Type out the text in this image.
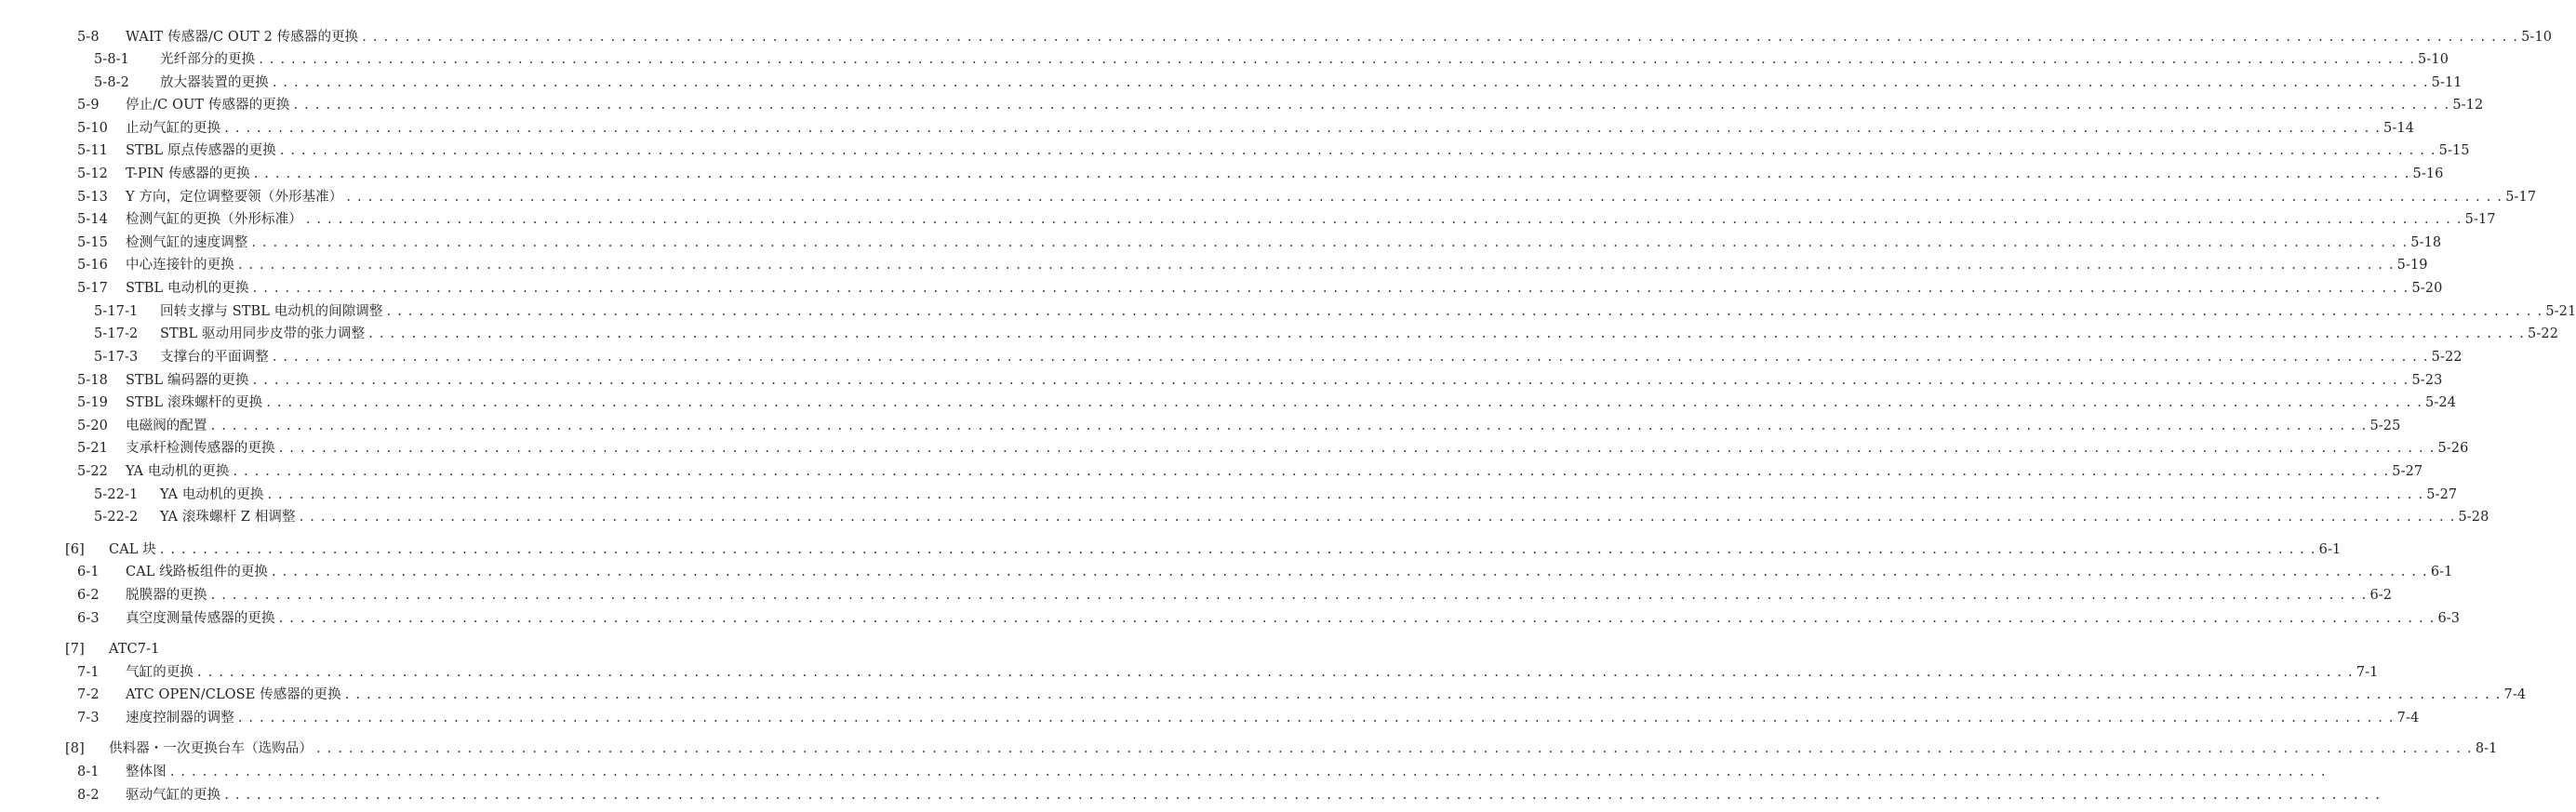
5-8	WAIT 传感器/C OUT 2 传感器的更换 . . . . . . . . . . . . . . . . . . . . . . . . . . . . . . . . . . . . . . . . . . . . . . . . . . . . . . . . . . . . . . . . . . . . . . . . . . . . . . . . . . . . . . . . . . . . . . . . . . . . . . . . . . . . . . . . . . . . . . . . . . . . . . . . . . . . . . . . . . . . . . . . . . . . . . . . . . . . . . . . . . . . . . . . . . . . . . . . . . . . . . . . . . . . . . . . . . . . . . . . 5-10
5-8-1	光纤部分的更换 . . . . . . . . . . . . . . . . . . . . . . . . . . . . . . . . . . . . . . . . . . . . . . . . . . . . . . . . . . . . . . . . . . . . . . . . . . . . . . . . . . . . . . . . . . . . . . . . . . . . . . . . . . . . . . . . . . . . . . . . . . . . . . . . . . . . . . . . . . . . . . . . . . . . . . . . . . . . . . . . . . . . . . . . . . . . . . . . . . . . . . . . . . . . . . . . . . . . . . . . 5-10
5-8-2	放大器装置的更换 . . . . . . . . . . . . . . . . . . . . . . . . . . . . . . . . . . . . . . . . . . . . . . . . . . . . . . . . . . . . . . . . . . . . . . . . . . . . . . . . . . . . . . . . . . . . . . . . . . . . . . . . . . . . . . . . . . . . . . . . . . . . . . . . . . . . . . . . . . . . . . . . . . . . . . . . . . . . . . . . . . . . . . . . . . . . . . . . . . . . . . . . . . . . . . . . . . . . . . . . 5-11
5-9	停止/C OUT 传感器的更换 . . . . . . . . . . . . . . . . . . . . . . . . . . . . . . . . . . . . . . . . . . . . . . . . . . . . . . . . . . . . . . . . . . . . . . . . . . . . . . . . . . . . . . . . . . . . . . . . . . . . . . . . . . . . . . . . . . . . . . . . . . . . . . . . . . . . . . . . . . . . . . . . . . . . . . . . . . . . . . . . . . . . . . . . . . . . . . . . . . . . . . . . . . . . . . . . . . . . . . . . 5-12
5-10	止动气缸的更换 . . . . . . . . . . . . . . . . . . . . . . . . . . . . . . . . . . . . . . . . . . . . . . . . . . . . . . . . . . . . . . . . . . . . . . . . . . . . . . . . . . . . . . . . . . . . . . . . . . . . . . . . . . . . . . . . . . . . . . . . . . . . . . . . . . . . . . . . . . . . . . . . . . . . . . . . . . . . . . . . . . . . . . . . . . . . . . . . . . . . . . . . . . . . . . . . . . . . . . . . 5-14
5-11	STBL 原点传感器的更换 . . . . . . . . . . . . . . . . . . . . . . . . . . . . . . . . . . . . . . . . . . . . . . . . . . . . . . . . . . . . . . . . . . . . . . . . . . . . . . . . . . . . . . . . . . . . . . . . . . . . . . . . . . . . . . . . . . . . . . . . . . . . . . . . . . . . . . . . . . . . . . . . . . . . . . . . . . . . . . . . . . . . . . . . . . . . . . . . . . . . . . . . . . . . . . . . . . . . . . . . 5-15
5-12	T-PIN 传感器的更换 . . . . . . . . . . . . . . . . . . . . . . . . . . . . . . . . . . . . . . . . . . . . . . . . . . . . . . . . . . . . . . . . . . . . . . . . . . . . . . . . . . . . . . . . . . . . . . . . . . . . . . . . . . . . . . . . . . . . . . . . . . . . . . . . . . . . . . . . . . . . . . . . . . . . . . . . . . . . . . . . . . . . . . . . . . . . . . . . . . . . . . . . . . . . . . . . . . . . . . . . 5-16
5-13	Y 方向，定位调整要领（外形基准） . . . . . . . . . . . . . . . . . . . . . . . . . . . . . . . . . . . . . . . . . . . . . . . . . . . . . . . . . . . . . . . . . . . . . . . . . . . . . . . . . . . . . . . . . . . . . . . . . . . . . . . . . . . . . . . . . . . . . . . . . . . . . . . . . . . . . . . . . . . . . . . . . . . . . . . . . . . . . . . . . . . . . . . . . . . . . . . . . . . . . . . . . . . . . . . . . . . . . . . . 5-17
5-14	检测气缸的更换（外形标准） . . . . . . . . . . . . . . . . . . . . . . . . . . . . . . . . . . . . . . . . . . . . . . . . . . . . . . . . . . . . . . . . . . . . . . . . . . . . . . . . . . . . . . . . . . . . . . . . . . . . . . . . . . . . . . . . . . . . . . . . . . . . . . . . . . . . . . . . . . . . . . . . . . . . . . . . . . . . . . . . . . . . . . . . . . . . . . . . . . . . . . . . . . . . . . . . . . . . . . . . 5-17
5-15	检测气缸的速度调整 . . . . . . . . . . . . . . . . . . . . . . . . . . . . . . . . . . . . . . . . . . . . . . . . . . . . . . . . . . . . . . . . . . . . . . . . . . . . . . . . . . . . . . . . . . . . . . . . . . . . . . . . . . . . . . . . . . . . . . . . . . . . . . . . . . . . . . . . . . . . . . . . . . . . . . . . . . . . . . . . . . . . . . . . . . . . . . . . . . . . . . . . . . . . . . . . . . . . . . . . 5-18
5-16	中心连接针的更换 . . . . . . . . . . . . . . . . . . . . . . . . . . . . . . . . . . . . . . . . . . . . . . . . . . . . . . . . . . . . . . . . . . . . . . . . . . . . . . . . . . . . . . . . . . . . . . . . . . . . . . . . . . . . . . . . . . . . . . . . . . . . . . . . . . . . . . . . . . . . . . . . . . . . . . . . . . . . . . . . . . . . . . . . . . . . . . . . . . . . . . . . . . . . . . . . . . . . . . . . 5-19
5-17	STBL 电动机的更换 . . . . . . . . . . . . . . . . . . . . . . . . . . . . . . . . . . . . . . . . . . . . . . . . . . . . . . . . . . . . . . . . . . . . . . . . . . . . . . . . . . . . . . . . . . . . . . . . . . . . . . . . . . . . . . . . . . . . . . . . . . . . . . . . . . . . . . . . . . . . . . . . . . . . . . . . . . . . . . . . . . . . . . . . . . . . . . . . . . . . . . . . . . . . . . . . . . . . . . . . 5-20
5-17-1	回转支撑与 STBL 电动机的间隙调整 . . . . . . . . . . . . . . . . . . . . . . . . . . . . . . . . . . . . . . . . . . . . . . . . . . . . . . . . . . . . . . . . . . . . . . . . . . . . . . . . . . . . . . . . . . . . . . . . . . . . . . . . . . . . . . . . . . . . . . . . . . . . . . . . . . . . . . . . . . . . . . . . . . . . . . . . . . . . . . . . . . . . . . . . . . . . . . . . . . . . . . . . . . . . . . . . . . . . . . . . 5-21
5-17-2	STBL 驱动用同步皮带的张力调整 . . . . . . . . . . . . . . . . . . . . . . . . . . . . . . . . . . . . . . . . . . . . . . . . . . . . . . . . . . . . . . . . . . . . . . . . . . . . . . . . . . . . . . . . . . . . . . . . . . . . . . . . . . . . . . . . . . . . . . . . . . . . . . . . . . . . . . . . . . . . . . . . . . . . . . . . . . . . . . . . . . . . . . . . . . . . . . . . . . . . . . . . . . . . . . . . . . . . . . . . 5-22
5-17-3	支撑台的平面调整 . . . . . . . . . . . . . . . . . . . . . . . . . . . . . . . . . . . . . . . . . . . . . . . . . . . . . . . . . . . . . . . . . . . . . . . . . . . . . . . . . . . . . . . . . . . . . . . . . . . . . . . . . . . . . . . . . . . . . . . . . . . . . . . . . . . . . . . . . . . . . . . . . . . . . . . . . . . . . . . . . . . . . . . . . . . . . . . . . . . . . . . . . . . . . . . . . . . . . . . . 5-22
5-18	STBL 编码器的更换 . . . . . . . . . . . . . . . . . . . . . . . . . . . . . . . . . . . . . . . . . . . . . . . . . . . . . . . . . . . . . . . . . . . . . . . . . . . . . . . . . . . . . . . . . . . . . . . . . . . . . . . . . . . . . . . . . . . . . . . . . . . . . . . . . . . . . . . . . . . . . . . . . . . . . . . . . . . . . . . . . . . . . . . . . . . . . . . . . . . . . . . . . . . . . . . . . . . . . . . . 5-23
5-19	STBL 滚珠螺杆的更换 . . . . . . . . . . . . . . . . . . . . . . . . . . . . . . . . . . . . . . . . . . . . . . . . . . . . . . . . . . . . . . . . . . . . . . . . . . . . . . . . . . . . . . . . . . . . . . . . . . . . . . . . . . . . . . . . . . . . . . . . . . . . . . . . . . . . . . . . . . . . . . . . . . . . . . . . . . . . . . . . . . . . . . . . . . . . . . . . . . . . . . . . . . . . . . . . . . . . . . . . 5-24
5-20	电磁阀的配置 . . . . . . . . . . . . . . . . . . . . . . . . . . . . . . . . . . . . . . . . . . . . . . . . . . . . . . . . . . . . . . . . . . . . . . . . . . . . . . . . . . . . . . . . . . . . . . . . . . . . . . . . . . . . . . . . . . . . . . . . . . . . . . . . . . . . . . . . . . . . . . . . . . . . . . . . . . . . . . . . . . . . . . . . . . . . . . . . . . . . . . . . . . . . . . . . . . . . . . . . 5-25
5-21	支承杆检测传感器的更换 . . . . . . . . . . . . . . . . . . . . . . . . . . . . . . . . . . . . . . . . . . . . . . . . . . . . . . . . . . . . . . . . . . . . . . . . . . . . . . . . . . . . . . . . . . . . . . . . . . . . . . . . . . . . . . . . . . . . . . . . . . . . . . . . . . . . . . . . . . . . . . . . . . . . . . . . . . . . . . . . . . . . . . . . . . . . . . . . . . . . . . . . . . . . . . . . . . . . . . . . 5-26
5-22	YA 电动机的更换 . . . . . . . . . . . . . . . . . . . . . . . . . . . . . . . . . . . . . . . . . . . . . . . . . . . . . . . . . . . . . . . . . . . . . . . . . . . . . . . . . . . . . . . . . . . . . . . . . . . . . . . . . . . . . . . . . . . . . . . . . . . . . . . . . . . . . . . . . . . . . . . . . . . . . . . . . . . . . . . . . . . . . . . . . . . . . . . . . . . . . . . . . . . . . . . . . . . . . . . . 5-27
5-22-1	YA 电动机的更换 . . . . . . . . . . . . . . . . . . . . . . . . . . . . . . . . . . . . . . . . . . . . . . . . . . . . . . . . . . . . . . . . . . . . . . . . . . . . . . . . . . . . . . . . . . . . . . . . . . . . . . . . . . . . . . . . . . . . . . . . . . . . . . . . . . . . . . . . . . . . . . . . . . . . . . . . . . . . . . . . . . . . . . . . . . . . . . . . . . . . . . . . . . . . . . . . . . . . . . . . 5-27
5-22-2	YA 滚珠螺杆 Z 相调整 . . . . . . . . . . . . . . . . . . . . . . . . . . . . . . . . . . . . . . . . . . . . . . . . . . . . . . . . . . . . . . . . . . . . . . . . . . . . . . . . . . . . . . . . . . . . . . . . . . . . . . . . . . . . . . . . . . . . . . . . . . . . . . . . . . . . . . . . . . . . . . . . . . . . . . . . . . . . . . . . . . . . . . . . . . . . . . . . . . . . . . . . . . . . . . . . . . . . . . . . 5-28
[6]	CAL 块 . . . . . . . . . . . . . . . . . . . . . . . . . . . . . . . . . . . . . . . . . . . . . . . . . . . . . . . . . . . . . . . . . . . . . . . . . . . . . . . . . . . . . . . . . . . . . . . . . . . . . . . . . . . . . . . . . . . . . . . . . . . . . . . . . . . . . . . . . . . . . . . . . . . . . . . . . . . . . . . . . . . . . . . . . . . . . . . . . . . . . . . . . . . . . . . . . . . . . . . . 6-1
6-1	CAL 线路板组件的更换 . . . . . . . . . . . . . . . . . . . . . . . . . . . . . . . . . . . . . . . . . . . . . . . . . . . . . . . . . . . . . . . . . . . . . . . . . . . . . . . . . . . . . . . . . . . . . . . . . . . . . . . . . . . . . . . . . . . . . . . . . . . . . . . . . . . . . . . . . . . . . . . . . . . . . . . . . . . . . . . . . . . . . . . . . . . . . . . . . . . . . . . . . . . . . . . . . . . . . . . . 6-1
6-2	脱膜器的更换 . . . . . . . . . . . . . . . . . . . . . . . . . . . . . . . . . . . . . . . . . . . . . . . . . . . . . . . . . . . . . . . . . . . . . . . . . . . . . . . . . . . . . . . . . . . . . . . . . . . . . . . . . . . . . . . . . . . . . . . . . . . . . . . . . . . . . . . . . . . . . . . . . . . . . . . . . . . . . . . . . . . . . . . . . . . . . . . . . . . . . . . . . . . . . . . . . . . . . . . . 6-2
6-3	真空度测量传感器的更换 . . . . . . . . . . . . . . . . . . . . . . . . . . . . . . . . . . . . . . . . . . . . . . . . . . . . . . . . . . . . . . . . . . . . . . . . . . . . . . . . . . . . . . . . . . . . . . . . . . . . . . . . . . . . . . . . . . . . . . . . . . . . . . . . . . . . . . . . . . . . . . . . . . . . . . . . . . . . . . . . . . . . . . . . . . . . . . . . . . . . . . . . . . . . . . . . . . . . . . . . 6-3
[7]	ATC7-1
7-1	气缸的更换 . . . . . . . . . . . . . . . . . . . . . . . . . . . . . . . . . . . . . . . . . . . . . . . . . . . . . . . . . . . . . . . . . . . . . . . . . . . . . . . . . . . . . . . . . . . . . . . . . . . . . . . . . . . . . . . . . . . . . . . . . . . . . . . . . . . . . . . . . . . . . . . . . . . . . . . . . . . . . . . . . . . . . . . . . . . . . . . . . . . . . . . . . . . . . . . . . . . . . . . . 7-1
7-2	ATC OPEN/CLOSE 传感器的更换 . . . . . . . . . . . . . . . . . . . . . . . . . . . . . . . . . . . . . . . . . . . . . . . . . . . . . . . . . . . . . . . . . . . . . . . . . . . . . . . . . . . . . . . . . . . . . . . . . . . . . . . . . . . . . . . . . . . . . . . . . . . . . . . . . . . . . . . . . . . . . . . . . . . . . . . . . . . . . . . . . . . . . . . . . . . . . . . . . . . . . . . . . . . . . . . . . . . . . . . . 7-4
7-3	速度控制器的调整 . . . . . . . . . . . . . . . . . . . . . . . . . . . . . . . . . . . . . . . . . . . . . . . . . . . . . . . . . . . . . . . . . . . . . . . . . . . . . . . . . . . . . . . . . . . . . . . . . . . . . . . . . . . . . . . . . . . . . . . . . . . . . . . . . . . . . . . . . . . . . . . . . . . . . . . . . . . . . . . . . . . . . . . . . . . . . . . . . . . . . . . . . . . . . . . . . . . . . . . . 7-4
[8]	供料器・一次更换台车（选购品） . . . . . . . . . . . . . . . . . . . . . . . . . . . . . . . . . . . . . . . . . . . . . . . . . . . . . . . . . . . . . . . . . . . . . . . . . . . . . . . . . . . . . . . . . . . . . . . . . . . . . . . . . . . . . . . . . . . . . . . . . . . . . . . . . . . . . . . . . . . . . . . . . . . . . . . . . . . . . . . . . . . . . . . . . . . . . . . . . . . . . . . . . . . . . . . . . . . . . . . . 8-1
8-1	整体图 . . . . . . . . . . . . . . . . . . . . . . . . . . . . . . . . . . . . . . . . . . . . . . . . . . . . . . . . . . . . . . . . . . . . . . . . . . . . . . . . . . . . . . . . . . . . . . . . . . . . . . . . . . . . . . . . . . . . . . . . . . . . . . . . . . . . . . . . . . . . . . . . . . . . . . . . . . . . . . . . . . . . . . . . . . . . . . . . . . . . . . . . . . . . . . . . . . . . . . . .
8-2	驱动气缸的更换 . . . . . . . . . . . . . . . . . . . . . . . . . . . . . . . . . . . . . . . . . . . . . . . . . . . . . . . . . . . . . . . . . . . . . . . . . . . . . . . . . . . . . . . . . . . . . . . . . . . . . . . . . . . . . . . . . . . . . . . . . . . . . . . . . . . . . . . . . . . . . . . . . . . . . . . . . . . . . . . . . . . . . . . . . . . . . . . . . . . . . . . . . . . . . . . . . . . . . . . .
